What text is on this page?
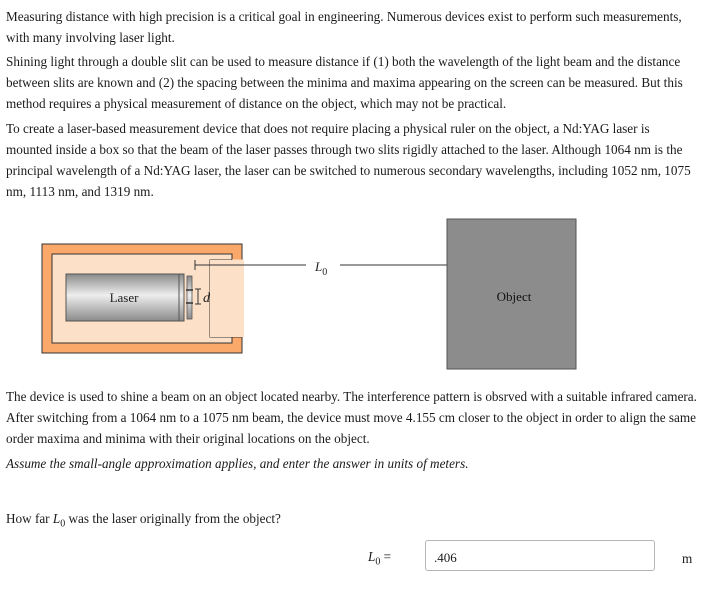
Measuring distance with high precision is a critical goal in engineering. Numerous devices exist to perform such measurements, with many involving laser light.

Shining light through a double slit can be used to measure distance if (1) both the wavelength of the light beam and the distance between slits are known and (2) the spacing between the minima and maxima appearing on the screen can be measured. But this method requires a physical measurement of distance on the object, which may not be practical.

To create a laser-based measurement device that does not require placing a physical ruler on the object, a Nd:YAG laser is mounted inside a box so that the beam of the laser passes through two slits rigidly attached to the laser. Although 1064 nm is the principal wavelength of a Nd:YAG laser, the laser can be switched to numerous secondary wavelengths, including 1052 nm, 1075 nm, 1113 nm, and 1319 nm.

Laser	d
$L_0$
Object

The device is used to shine a beam on an object located nearby. The interference pattern is obsrved with a suitable infrared camera. After switching from a 1064 nm to a 1075 nm beam, the device must move 4.155 cm closer to the object in order to align the same order maxima and minima with their original locations on the object.

Assume the small-angle approximation applies, and enter the answer in units of meters.

How far $L_0$ was the laser originally from the object?
$L_0$ =
.406	m
